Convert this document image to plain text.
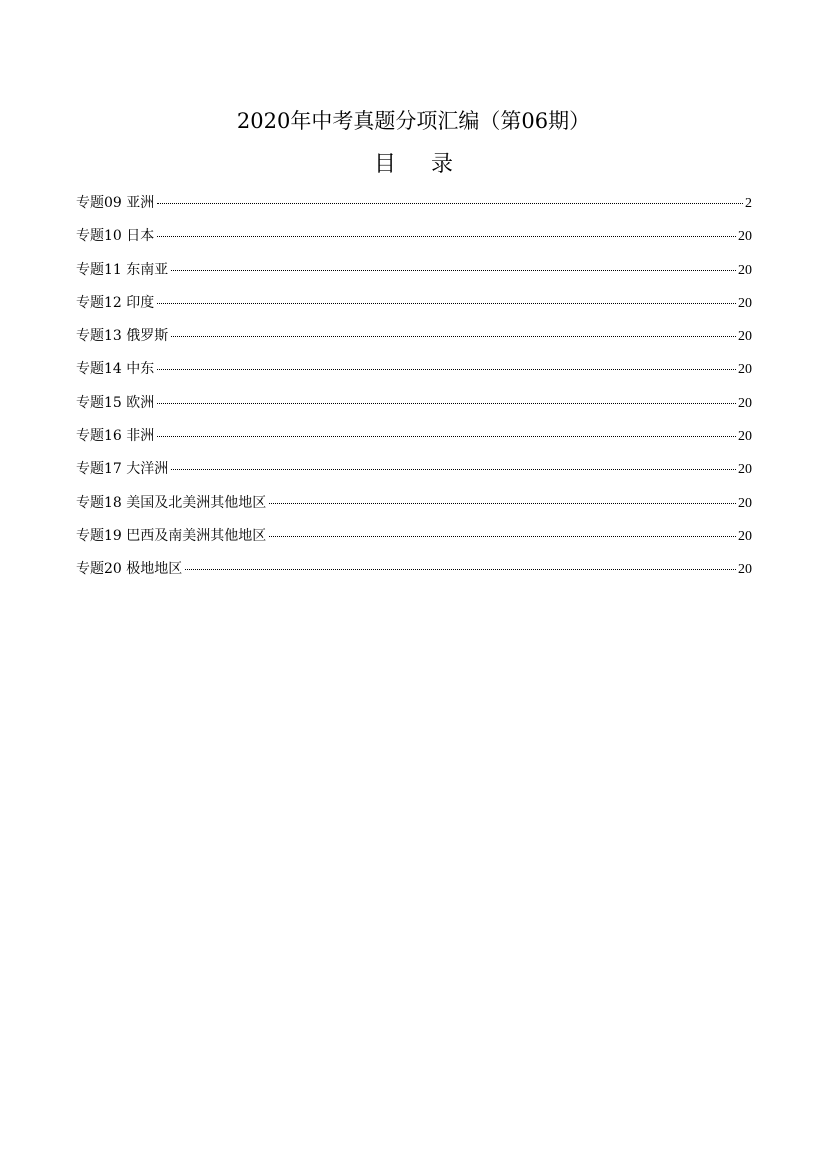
2020年中考真题分项汇编（第06期）
目 录
专题09 亚洲	2
专题10 日本	20
专题11 东南亚	20
专题12 印度	20
专题13 俄罗斯	20
专题14 中东	20
专题15 欧洲	20
专题16 非洲	20
专题17 大洋洲	20
专题18 美国及北美洲其他地区	20
专题19 巴西及南美洲其他地区	20
专题20 极地地区	20
